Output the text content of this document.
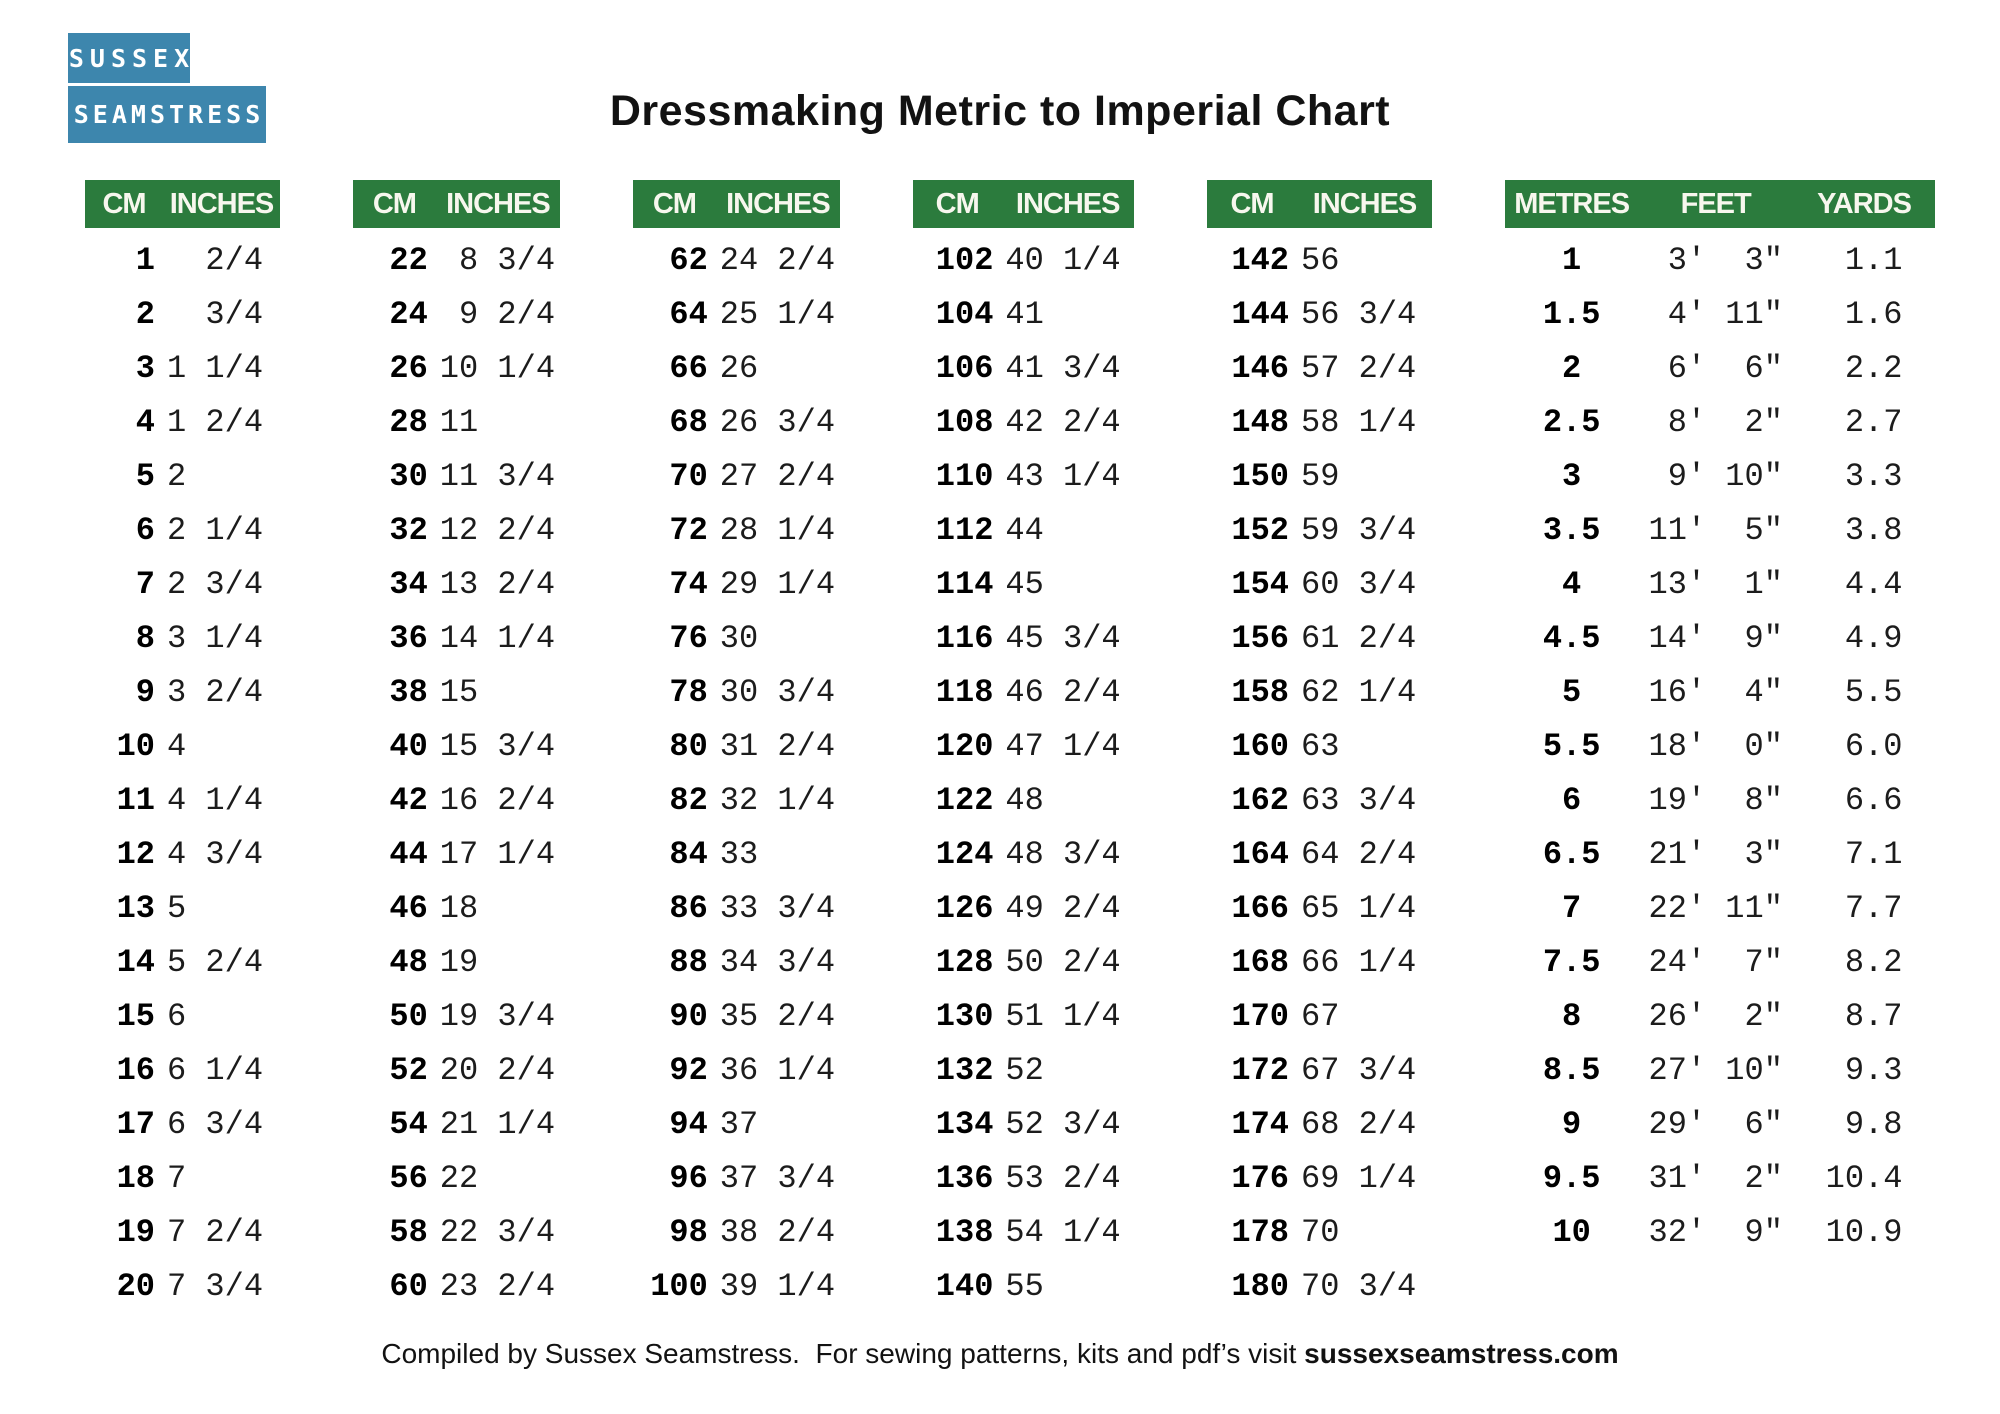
SUSSEX
SEAMSTRESS	Dressmaking Metric to Imperial Chart
CM INCHES
1 2/4
2 3/4
3 1 1/4
4 1 2/4
5 2
6 2 1/4
7 2 3/4
8 3 1/4
9 3 2/4
10 4
11 4 1/4
12 4 3/4
13 5
14 5 2/4
15 6
16 6 1/4
17 6 3/4
18 7
19 7 2/4
20 7 3/4
CM	INCHES
22 8 3/4
24 9 2/4
26 10 1/4
28 11
30 11 3/4
32 12 2/4
34 13 2/4
36 14 1/4
38 15
40 15 3/4
42 16 2/4
44 17 1/4
46 18
48 19
50 19 3/4
52 20 2/4
54 21 1/4
56 22
58 22 3/4
60 23 2/4
CM	INCHES
62 24 2/4
64 25 1/4
66 26
68 26 3/4
70 27 2/4
72 28 1/4
74 29 1/4
76 30
78 30 3/4
80 31 2/4
82 32 1/4
84 33
86 33 3/4
88 34 3/4
90 35 2/4
92 36 1/4
94 37
96 37 3/4
98 38 2/4
100 39 1/4
CM	INCHES
102 40 1/4
104 41
106 41 3/4
108 42 2/4
110 43 1/4
112 44
114 45
116 45 3/4
118 46 2/4
120 47 1/4
122 48
124 48 3/4
126 49 2/4
128 50 2/4
130 51 1/4
132 52
134 52 3/4
136 53 2/4
138 54 1/4
140 55
CM	INCHES
142 56
144 56 3/4
146 57 2/4
148 58 1/4
150 59
152 59 3/4
154 60 3/4
156 61 2/4
158 62 1/4
160 63
162 63 3/4
164 64 2/4
166 65 1/4
168 66 1/4
170 67
172 67 3/4
174 68 2/4
176 69 1/4
178 70
180 70 3/4
METRES	FEET	YARDS
1	3'  3"	1.1
1.5	4' 11"	1.6
2	6'  6"	2.2
2.5	8'  2"	2.7
3	9' 10"	3.3
3.5	11'  5"	3.8
4	13'  1"	4.4
4.5	14'  9"	4.9
5	16'  4"	5.5
5.5	18'  0"	6.0
6	19'  8"	6.6
6.5	21'  3"	7.1
7	22' 11"	7.7
7.5	24'  7"	8.2
8	26'  2"	8.7
8.5	27' 10"	9.3
9	29'  6"	9.8
9.5	31'  2"	10.4
10	32'  9"	10.9
Compiled by Sussex Seamstress.  For sewing patterns, kits and pdf’s visit sussexseamstress.com
